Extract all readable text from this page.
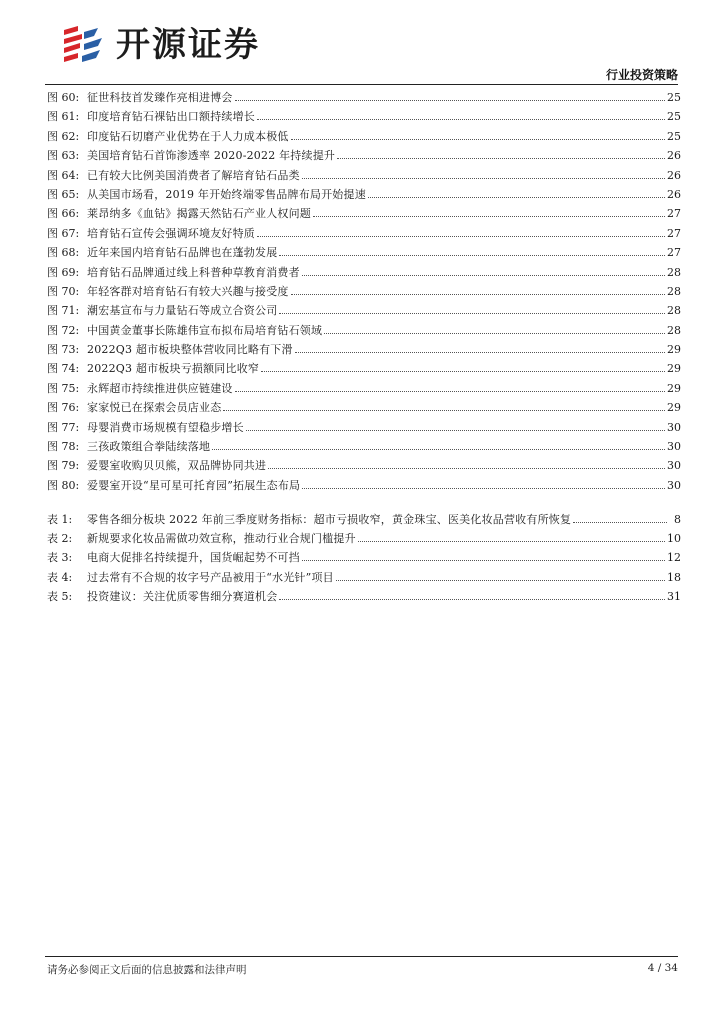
开源证券
行业投资策略
图 60: 征世科技首发臻作亮相进博会	25
图 61: 印度培育钻石裸钻出口额持续增长	25
图 62: 印度钻石切磨产业优势在于人力成本极低	25
图 63: 美国培育钻石首饰渗透率 2020-2022 年持续提升	26
图 64: 已有较大比例美国消费者了解培育钻石品类	26
图 65: 从美国市场看，2019 年开始终端零售品牌布局开始提速	26
图 66: 莱昂纳多《血钻》揭露天然钻石产业人权问题	27
图 67: 培育钻石宣传会强调环境友好特质	27
图 68: 近年来国内培育钻石品牌也在蓬勃发展	27
图 69: 培育钻石品牌通过线上科普种草教育消费者	28
图 70: 年轻客群对培育钻石有较大兴趣与接受度	28
图 71: 潮宏基宣布与力量钻石等成立合资公司	28
图 72: 中国黄金董事长陈雄伟宣布拟布局培育钻石领域	28
图 73: 2022Q3 超市板块整体营收同比略有下滑	29
图 74: 2022Q3 超市板块亏损额同比收窄	29
图 75: 永辉超市持续推进供应链建设	29
图 76: 家家悦已在探索会员店业态	29
图 77: 母婴消费市场规模有望稳步增长	30
图 78: 三孩政策组合拳陆续落地	30
图 79: 爱婴室收购贝贝熊，双品牌协同共进	30
图 80: 爱婴室开设“星可星可托育园”拓展生态布局	30
表 1:	零售各细分板块 2022 年前三季度财务指标：超市亏损收窄，黄金珠宝、医美化妆品营收有所恢复	8
表 2:	新规要求化妆品需做功效宣称，推动行业合规门槛提升	10
表 3:	电商大促排名持续提升，国货崛起势不可挡	12
表 4:	过去常有不合规的妆字号产品被用于“水光针”项目	18
表 5:	投资建议：关注优质零售细分赛道机会	31
请务必参阅正文后面的信息披露和法律声明	4 / 34
